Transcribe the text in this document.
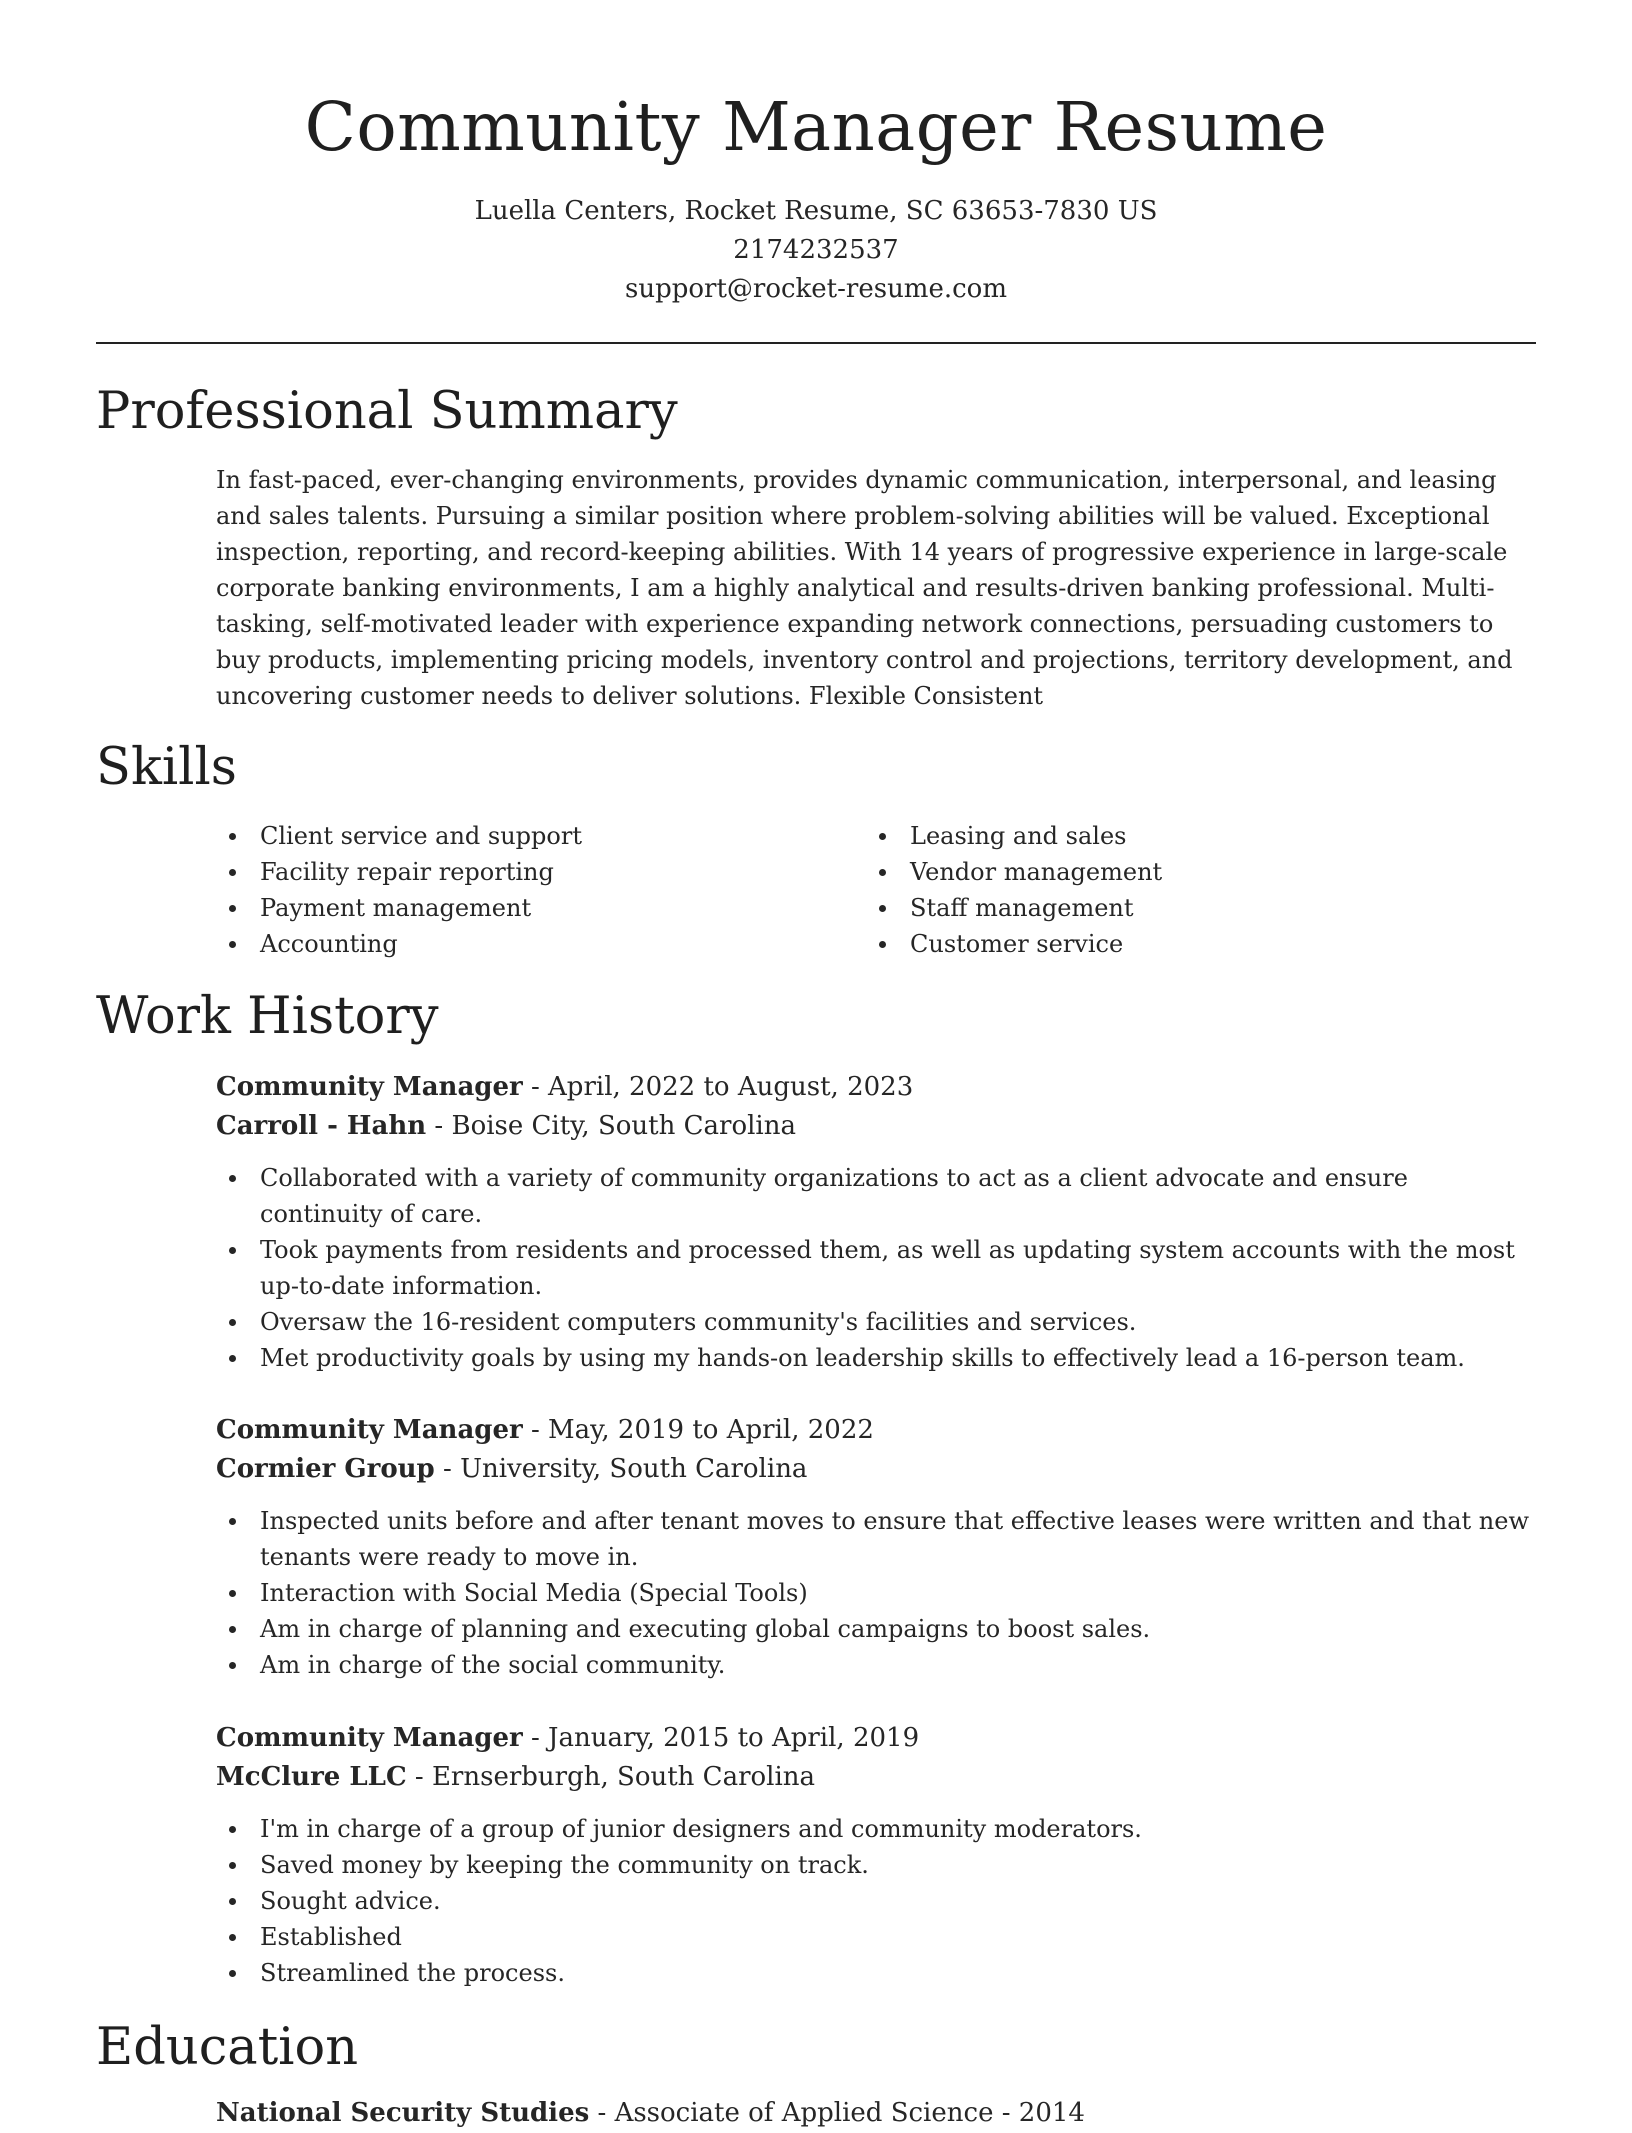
Community Manager Resume
Luella Centers, Rocket Resume, SC 63653-7830 US
2174232537
support@rocket-resume.com
Professional Summary

In fast-paced, ever-changing environments, provides dynamic communication, interpersonal, and leasing and sales talents. Pursuing a similar position where problem-solving abilities will be valued. Exceptional inspection, reporting, and record-keeping abilities. With 14 years of progressive experience in large-scale corporate banking environments, I am a highly analytical and results-driven banking professional. Multi-tasking, self-motivated leader with experience expanding network connections, persuading customers to buy products, implementing pricing models, inventory control and projections, territory development, and uncovering customer needs to deliver solutions. Flexible Consistent

Skills
Client service and support
Facility repair reporting
Payment management
Accounting
Leasing and sales
Vendor management
Staff management
Customer service
Work History
Community Manager - April, 2022 to August, 2023
Carroll - Hahn - Boise City, South Carolina
Collaborated with a variety of community organizations to act as a client advocate and ensure continuity of care.
Took payments from residents and processed them, as well as updating system accounts with the most up-to-date information.
Oversaw the 16-resident computers community's facilities and services.
Met productivity goals by using my hands-on leadership skills to effectively lead a 16-person team.
Community Manager - May, 2019 to April, 2022
Cormier Group - University, South Carolina
Inspected units before and after tenant moves to ensure that effective leases were written and that new tenants were ready to move in.
Interaction with Social Media (Special Tools)
Am in charge of planning and executing global campaigns to boost sales.
Am in charge of the social community.
Community Manager - January, 2015 to April, 2019
McClure LLC - Ernserburgh, South Carolina
I'm in charge of a group of junior designers and community moderators.
Saved money by keeping the community on track.
Sought advice.
Established
Streamlined the process.
Education
National Security Studies - Associate of Applied Science - 2014
